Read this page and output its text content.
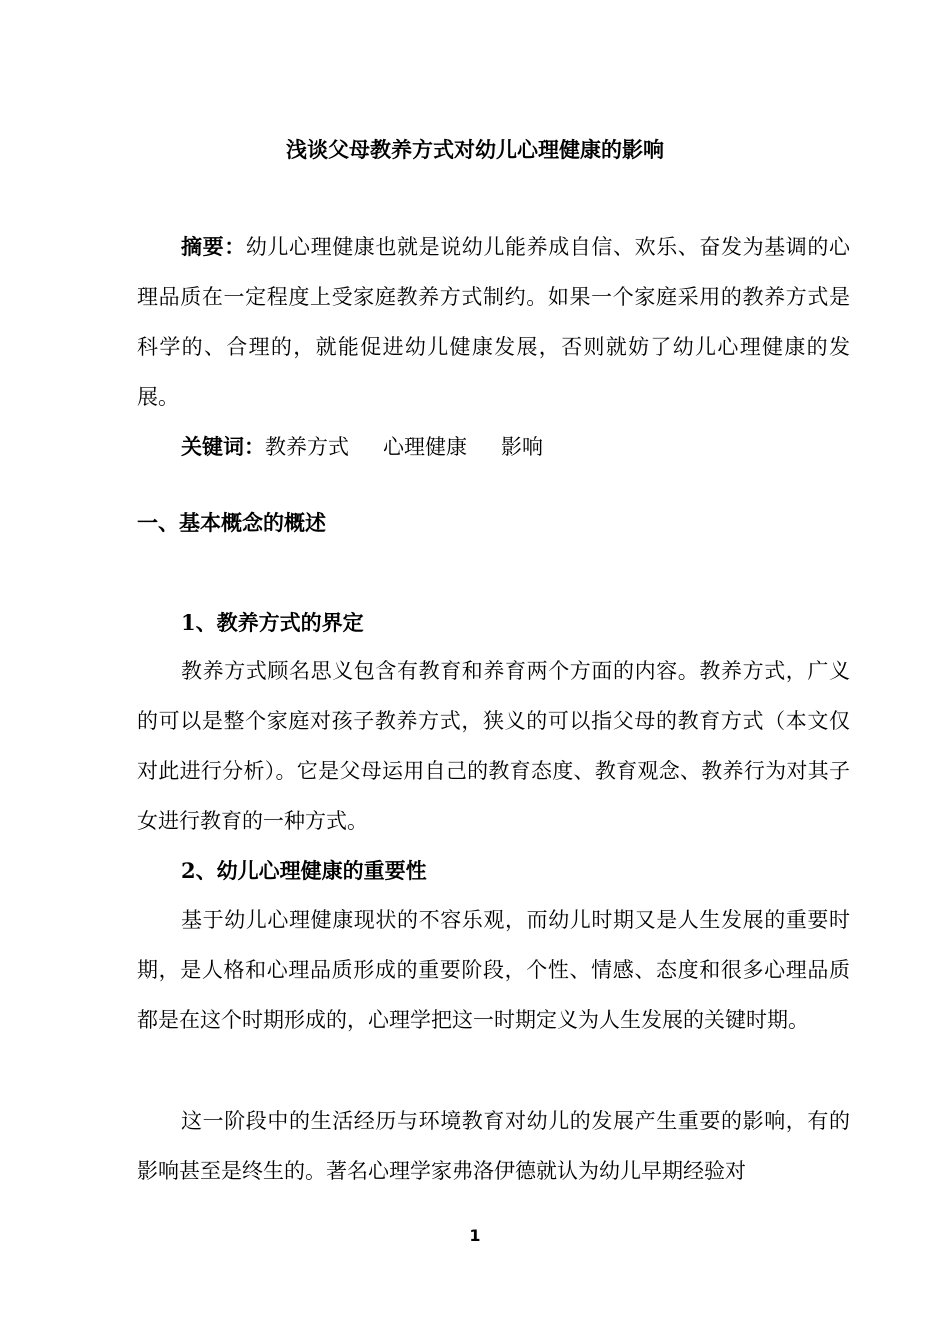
浅谈父母教养方式对幼儿心理健康的影响

摘要：幼儿心理健康也就是说幼儿能养成自信、欢乐、奋发为基调的心理品质在一定程度上受家庭教养方式制约。如果一个家庭采用的教养方式是科学的、合理的，就能促进幼儿健康发展，否则就妨了幼儿心理健康的发展。

关键词：教养方式 心理健康 影响

一、基本概念的概述
1、教养方式的界定

教养方式顾名思义包含有教育和养育两个方面的内容。教养方式，广义的可以是整个家庭对孩子教养方式，狭义的可以指父母的教育方式（本文仅对此进行分析）。它是父母运用自己的教育态度、教育观念、教养行为对其子女进行教育的一种方式。

2、幼儿心理健康的重要性

基于幼儿心理健康现状的不容乐观，而幼儿时期又是人生发展的重要时期，是人格和心理品质形成的重要阶段，个性、情感、态度和很多心理品质都是在这个时期形成的，心理学把这一时期定义为人生发展的关键时期。

这一阶段中的生活经历与环境教育对幼儿的发展产生重要的影响，有的影响甚至是终生的。著名心理学家弗洛伊德就认为幼儿早期经验对

1
